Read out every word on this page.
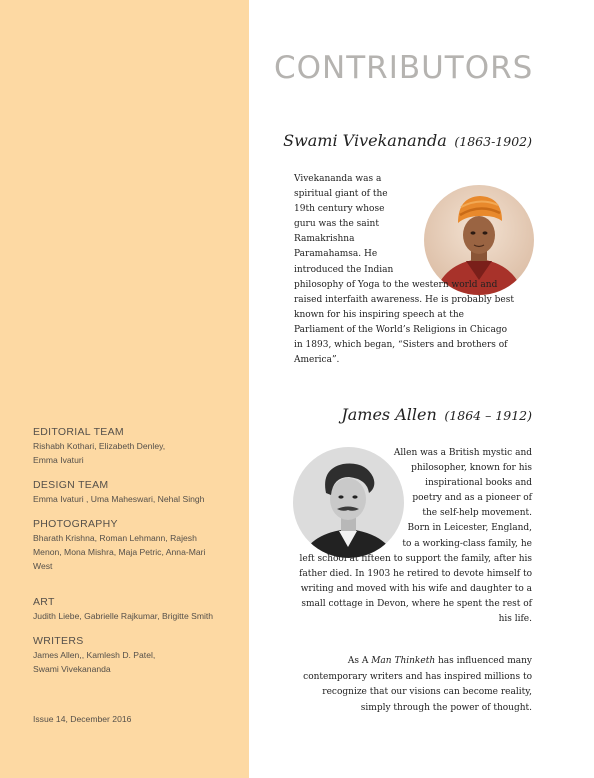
EDITORIAL TEAM
Rishabh Kothari, Elizabeth Denley, Emma Ivaturi
DESIGN TEAM
Emma Ivaturi , Uma Maheswari, Nehal Singh
PHOTOGRAPHY
Bharath Krishna, Roman Lehmann, Rajesh Menon, Mona Mishra, Maja Petric, Anna-Mari West
ART
Judith Liebe, Gabrielle Rajkumar, Brigitte Smith
WRITERS
James Allen,, Kamlesh D. Patel, Swami Vivekananda
Issue 14, December 2016
CONTRIBUTORS
Swami Vivekananda (1863-1902)
Vivekananda was a spiritual giant of the 19th century whose guru was the saint Ramakrishna Paramahamsa. He introduced the Indian philosophy of Yoga to the western world and raised interfaith awareness. He is probably best known for his inspiring speech at the Parliament of the World’s Religions in Chicago in 1893, which began, “Sisters and brothers of America”.
James Allen (1864 – 1912)
Allen was a British mystic and philosopher, known for his inspirational books and poetry and as a pioneer of the self-help movement. Born in Leicester, England, to a working-class family, he left school at fifteen to support the family, after his father died. In 1903 he retired to devote himself to writing and moved with his wife and daughter to a small cottage in Devon, where he spent the rest of his life.

As A Man Thinketh has influenced many contemporary writers and has inspired millions to recognize that our visions can become reality, simply through the power of thought.
